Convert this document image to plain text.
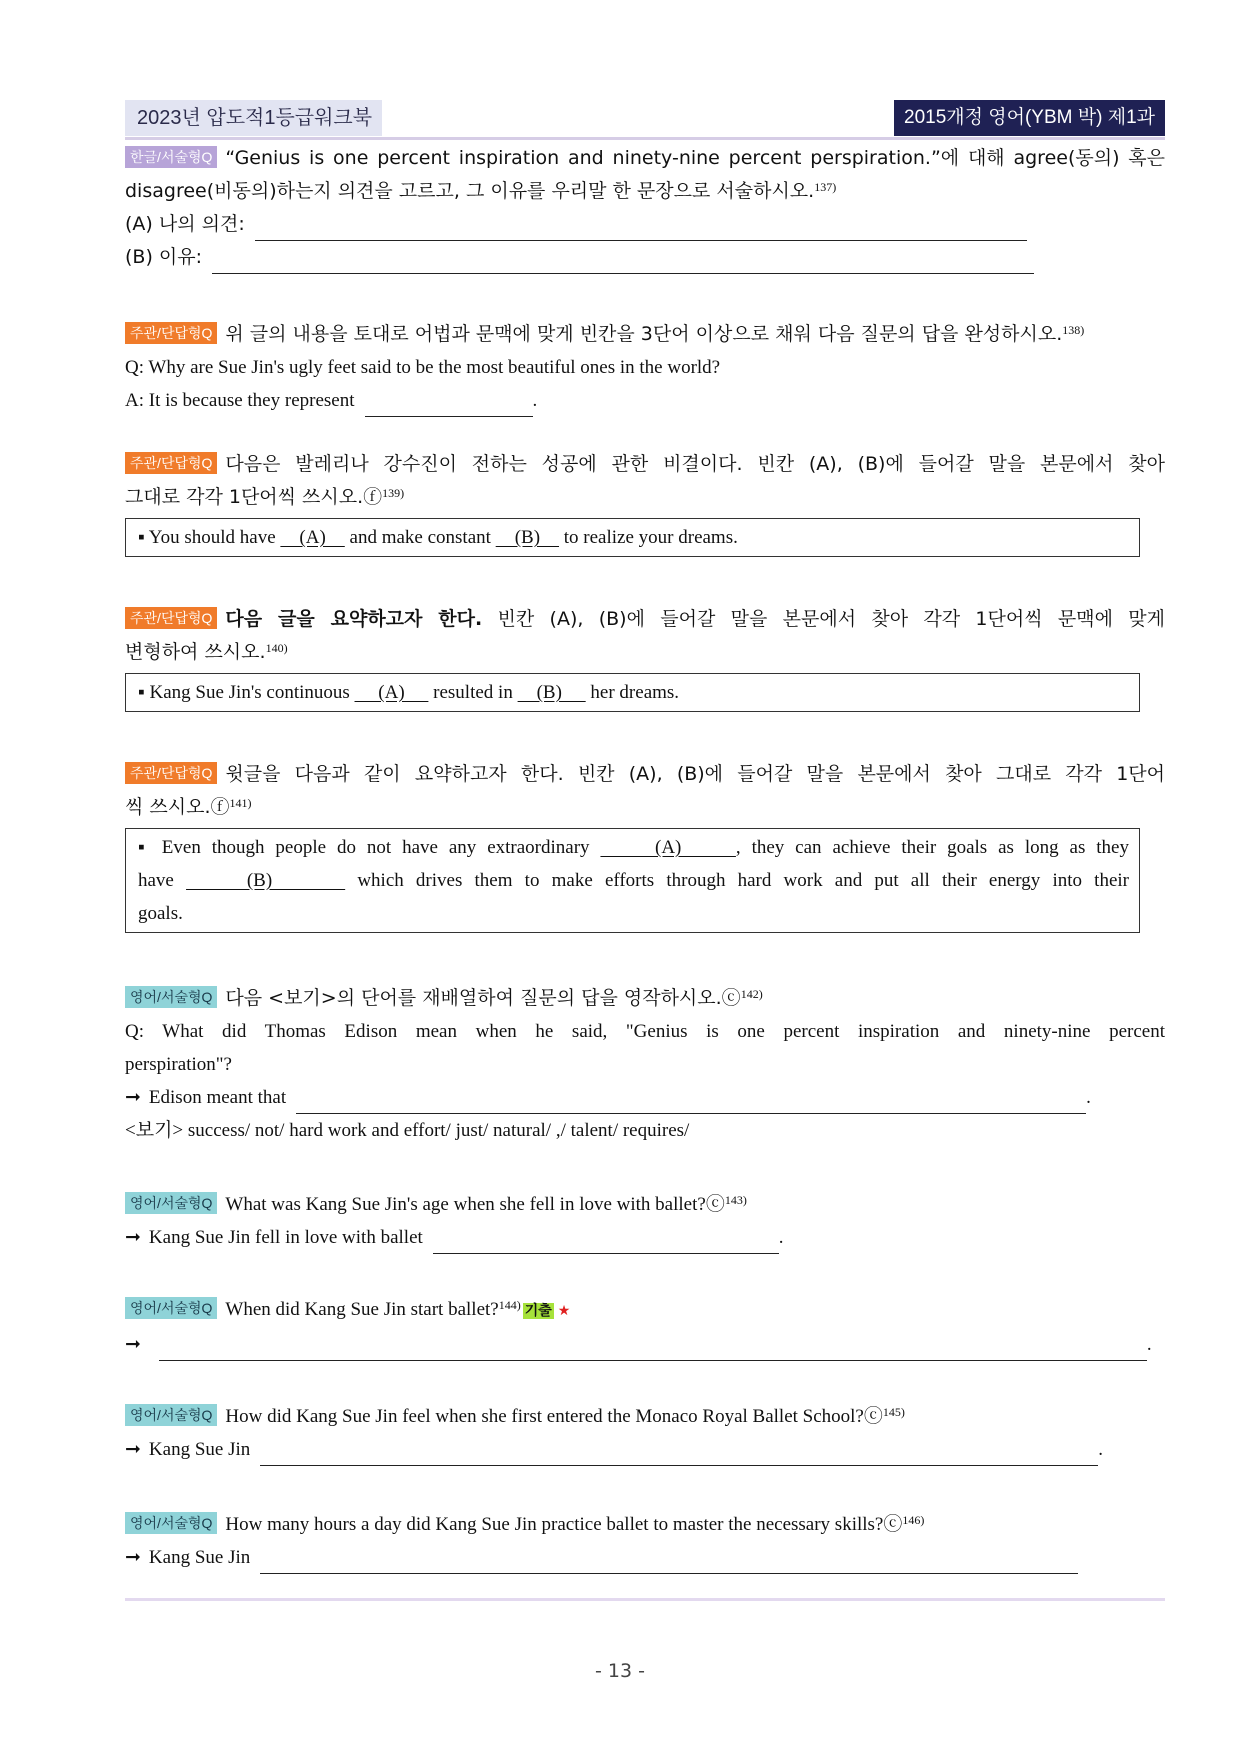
2023년 압도적1등급워크북	2015개정 영어(YBM 박) 제1과
한글/서술형Q “Genius is one percent inspiration and ninety-nine percent perspiration.”에 대해 agree(동의) 혹은
disagree(비동의)하는지 의견을 고르고, 그 이유를 우리말 한 문장으로 서술하시오.$^{137)}$
(A) 나의 의견:
(B) 이유:
주관/단답형Q 위 글의 내용을 토대로 어법과 문맥에 맞게 빈칸을 3단어 이상으로 채워 다음 질문의 답을 완성하시오.$^{138)}$
Q: Why are Sue Jin's ugly feet said to be the most beautiful ones in the world?
A: It is because they represent	.
주관/단답형Q 다음은 발레리나 강수진이 전하는 성공에 관한 비결이다. 빈칸 (A), (B)에 들어갈 말을 본문에서 찾아
그대로 각각 1단어씩 쓰시오.ⓕ$^{139)}$
▪ You should have     (A)     and make constant     (B)     to realize your dreams.
주관/단답형Q 다음 글을 요약하고자 한다. 빈칸 (A), (B)에 들어갈 말을 본문에서 찾아 각각 1단어씩 문맥에 맞게
변형하여 쓰시오.$^{140)}$
▪ Kang Sue Jin's continuous      (A)      resulted in     (B)      her dreams.
주관/단답형Q 윗글을 다음과 같이 요약하고자 한다. 빈칸 (A), (B)에 들어갈 말을 본문에서 찾아 그대로 각각 1단어
씩 쓰시오.ⓕ$^{141)}$
▪ Even though people do not have any extraordinary      (A)     , they can achieve their goals as long as they
have      (B)       which drives them to make efforts through hard work and put all their energy into their
goals.
영어/서술형Q 다음 <보기>의 단어를 재배열하여 질문의 답을 영작하시오.ⓒ$^{142)}$
Q: What did Thomas Edison mean when he said, "Genius is one percent inspiration and ninety-nine percent
perspiration"?
➞ Edison meant that	.
<보기> success/ not/ hard work and effort/ just/ natural/ ,/ talent/ requires/
영어/서술형Q What was Kang Sue Jin's age when she fell in love with ballet?ⓒ$^{143)}$
➞ Kang Sue Jin fell in love with ballet	.
영어/서술형Q When did Kang Sue Jin start ballet?$^{144)}$ 기출 ★
➞	.
영어/서술형Q How did Kang Sue Jin feel when she first entered the Monaco Royal Ballet School?ⓒ$^{145)}$
➞ Kang Sue Jin	.
영어/서술형Q How many hours a day did Kang Sue Jin practice ballet to master the necessary skills?ⓒ$^{146)}$
➞ Kang Sue Jin
- 13 -
